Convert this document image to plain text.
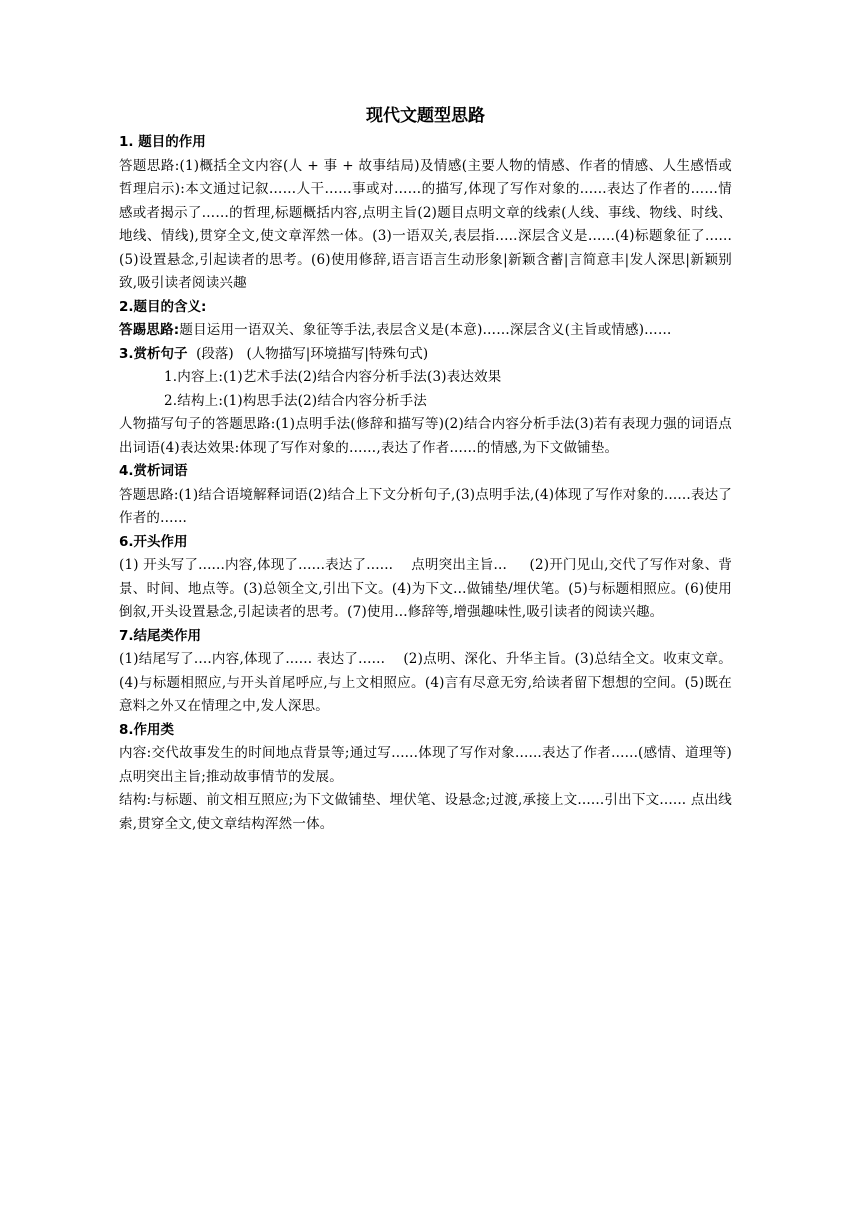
现代文题型思路
1. 题目的作用

答题思路:(1)概括全文内容(人 + 事 + 故事结局)及情感(主要人物的情感、作者的情感、人生感悟或哲理启示):本文通过记叙……人干……事或对……的描写,体现了写作对象的......表达了作者的……情感或者揭示了……的哲理,标题概括内容,点明主旨(2)题目点明文章的线索(人线、事线、物线、时线、地线、情线),贯穿全文,使文章浑然一体。(3)一语双关,表层指.....深层含义是......(4)标题象征了......(5)设置悬念,引起读者的思考。(6)使用修辞,语言语言生动形象|新颖含蓄|言简意丰|发人深思|新颖别致,吸引读者阅读兴趣

2.题目的含义:

答踢思路:题目运用一语双关、象征等手法,表层含义是(本意)……深层含义(主旨或情感)……

3.赏析句子  (段落)   (人物描写|环境描写|特殊句式)

1.内容上:(1)艺术手法(2)结合内容分析手法(3)表达效果

2.结构上:(1)构思手法(2)结合内容分析手法

人物描写句子的答题思路:(1)点明手法(修辞和描写等)(2)结合内容分析手法(3)若有表现力强的词语点出词语(4)表达效果:体现了写作对象的……,表达了作者……的情感,为下文做铺垫。

4.赏析词语

答题思路:(1)结合语境解释词语(2)结合上下文分析句子,(3)点明手法,(4)体现了写作对象的......表达了作者的......

6.开头作用

(1) 开头写了......内容,体现了......表达了......    点明突出主旨...     (2)开门见山,交代了写作对象、背景、时间、地点等。(3)总领全文,引出下文。(4)为下文...做铺垫/埋伏笔。(5)与标题相照应。(6)使用倒叙,开头设置悬念,引起读者的思考。(7)使用...修辞等,增强趣味性,吸引读者的阅读兴趣。

7.结尾类作用

(1)结尾写了....内容,体现了...... 表达了......    (2)点明、深化、升华主旨。(3)总结全文。收束文章。(4)与标题相照应,与开头首尾呼应,与上文相照应。(4)言有尽意无穷,给读者留下想想的空间。(5)既在意料之外又在情理之中,发人深思。

8.作用类

内容:交代故事发生的时间地点背景等;通过写......体现了写作对象......表达了作者......(感情、道理等)点明突出主旨;推动故事情节的发展。

结构:与标题、前文相互照应;为下文做铺垫、埋伏笔、设悬念;过渡,承接上文......引出下文...... 点出线索,贯穿全文,使文章结构浑然一体。
